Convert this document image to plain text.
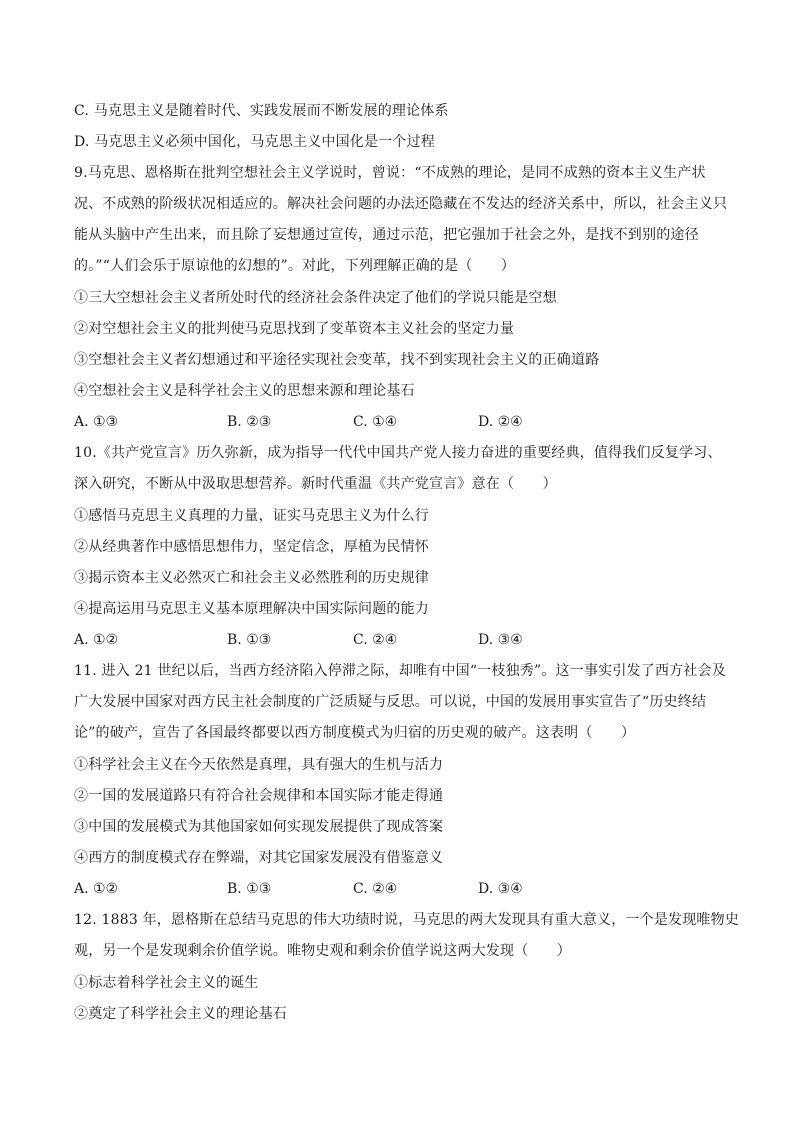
C. 马克思主义是随着时代、实践发展而不断发展的理论体系
D. 马克思主义必须中国化，马克思主义中国化是一个过程
9.马克思、恩格斯在批判空想社会主义学说时，曾说：“不成熟的理论，是同不成熟的资本主义生产状
况、不成熟的阶级状况相适应的。解决社会问题的办法还隐藏在不发达的经济关系中，所以，社会主义只
能从头脑中产生出来，而且除了妄想通过宣传，通过示范，把它强加于社会之外，是找不到别的途径
的。”“人们会乐于原谅他的幻想的”。对此，下列理解正确的是（　　）
①三大空想社会主义者所处时代的经济社会条件决定了他们的学说只能是空想
②对空想社会主义的批判使马克思找到了变革资本主义社会的坚定力量
③空想社会主义者幻想通过和平途径实现社会变革，找不到实现社会主义的正确道路
④空想社会主义是科学社会主义的思想来源和理论基石
A. ①③	B. ②③	C. ①④	D. ②④
10.《共产党宣言》历久弥新，成为指导一代代中国共产党人接力奋进的重要经典，值得我们反复学习、
深入研究，不断从中汲取思想营养。新时代重温《共产党宣言》意在（　　）
①感悟马克思主义真理的力量，证实马克思主义为什么行
②从经典著作中感悟思想伟力，坚定信念，厚植为民情怀
③揭示资本主义必然灭亡和社会主义必然胜利的历史规律
④提高运用马克思主义基本原理解决中国实际问题的能力
A. ①②	B. ①③	C. ②④	D. ③④
11. 进入 21 世纪以后，当西方经济陷入停滞之际，却唯有中国“一枝独秀”。这一事实引发了西方社会及
广大发展中国家对西方民主社会制度的广泛质疑与反思。可以说，中国的发展用事实宣告了“历史终结
论”的破产，宣告了各国最终都要以西方制度模式为归宿的历史观的破产。这表明（　　）
①科学社会主义在今天依然是真理，具有强大的生机与活力
②一国的发展道路只有符合社会规律和本国实际才能走得通
③中国的发展模式为其他国家如何实现发展提供了现成答案
④西方的制度模式存在弊端，对其它国家发展没有借鉴意义
A. ①②	B. ①③	C. ②④	D. ③④
12. 1883 年，恩格斯在总结马克思的伟大功绩时说，马克思的两大发现具有重大意义，一个是发现唯物史
观，另一个是发现剩余价值学说。唯物史观和剩余价值学说这两大发现（　　）
①标志着科学社会主义的诞生
②奠定了科学社会主义的理论基石
